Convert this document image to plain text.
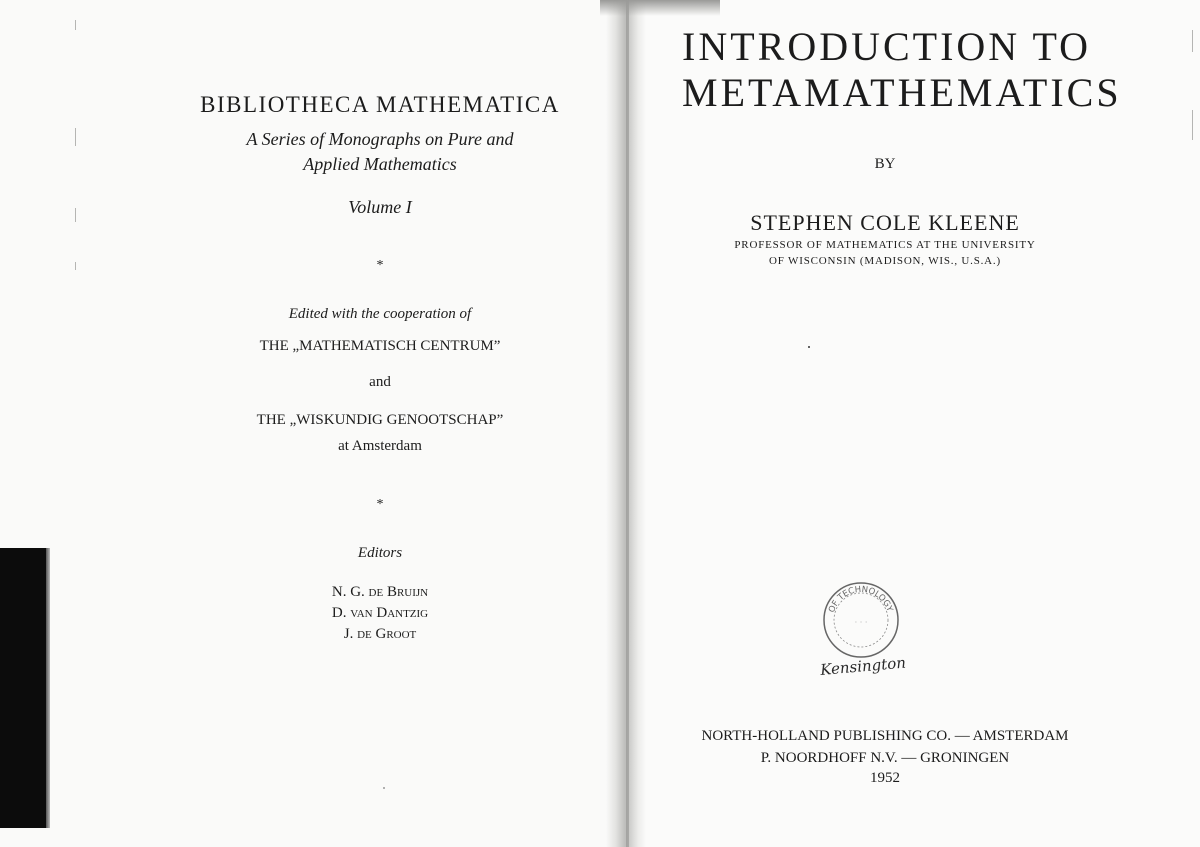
BIBLIOTHECA MATHEMATICA
A Series of Monographs on Pure and
Applied Mathematics
Volume I
*
Edited with the cooperation of
THE „MATHEMATISCH CENTRUM”
and
THE „WISKUNDIG GENOOTSCHAP”
at Amsterdam
*
Editors
N. G. de Bruijn
D. van Dantzig
J. de Groot
INTRODUCTION TO
METAMATHEMATICS
BY
STEPHEN COLE KLEENE
PROFESSOR OF MATHEMATICS AT THE UNIVERSITY
OF WISCONSIN (MADISON, WIS., U.S.A.)
OF TECHNOLOGY
· · ·
Kensington
NORTH-HOLLAND PUBLISHING CO. — AMSTERDAM
P. NOORDHOFF N.V. — GRONINGEN
1952
